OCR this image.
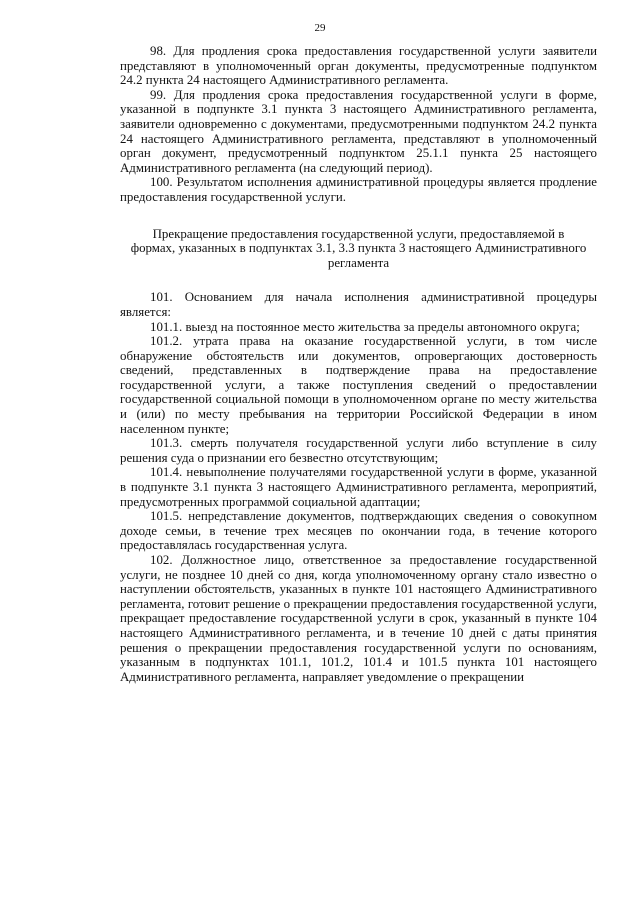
29

98. Для продления срока предоставления государственной услуги заявители представляют в уполномоченный орган документы, предусмотренные подпунктом 24.2 пункта 24 настоящего Административного регламента.

99. Для продления срока предоставления государственной услуги в форме, указанной в подпункте 3.1 пункта 3 настоящего Административного регламента, заявители одновременно с документами, предусмотренными подпунктом 24.2 пункта 24 настоящего Административного регламента, представляют в уполномоченный орган документ, предусмотренный подпунктом 25.1.1 пункта 25 настоящего Административного регламента (на следующий период).

100. Результатом исполнения административной процедуры является продление предоставления государственной услуги.

Прекращение предоставления государственной услуги, предоставляемой в формах, указанных в подпунктах 3.1, 3.3 пункта 3 настоящего Административного регламента

101. Основанием для начала исполнения административной процедуры является:

101.1. выезд на постоянное место жительства за пределы автономного округа;

101.2. утрата права на оказание государственной услуги, в том числе обнаружение обстоятельств или документов, опровергающих достоверность сведений, представленных в подтверждение права на предоставление государственной услуги, а также поступления сведений о предоставлении государственной социальной помощи в уполномоченном органе по месту жительства и (или) по месту пребывания на территории Российской Федерации в ином населенном пункте;

101.3. смерть получателя государственной услуги либо вступление в силу решения суда о признании его безвестно отсутствующим;

101.4. невыполнение получателями государственной услуги в форме, указанной в подпункте 3.1 пункта 3 настоящего Административного регламента, мероприятий, предусмотренных программой социальной адаптации;

101.5. непредставление документов, подтверждающих сведения о совокупном доходе семьи, в течение трех месяцев по окончании года, в течение которого предоставлялась государственная услуга.

102. Должностное лицо, ответственное за предоставление государственной услуги, не позднее 10 дней со дня, когда уполномоченному органу стало известно о наступлении обстоятельств, указанных в пункте 101 настоящего Административного регламента, готовит решение о прекращении предоставления государственной услуги, прекращает предоставление государственной услуги в срок, указанный в пункте 104 настоящего Административного регламента, и в течение 10 дней с даты принятия решения о прекращении предоставления государственной услуги по основаниям, указанным в подпунктах 101.1, 101.2, 101.4 и 101.5 пункта 101 настоящего Административного регламента, направляет уведомление о прекращении
